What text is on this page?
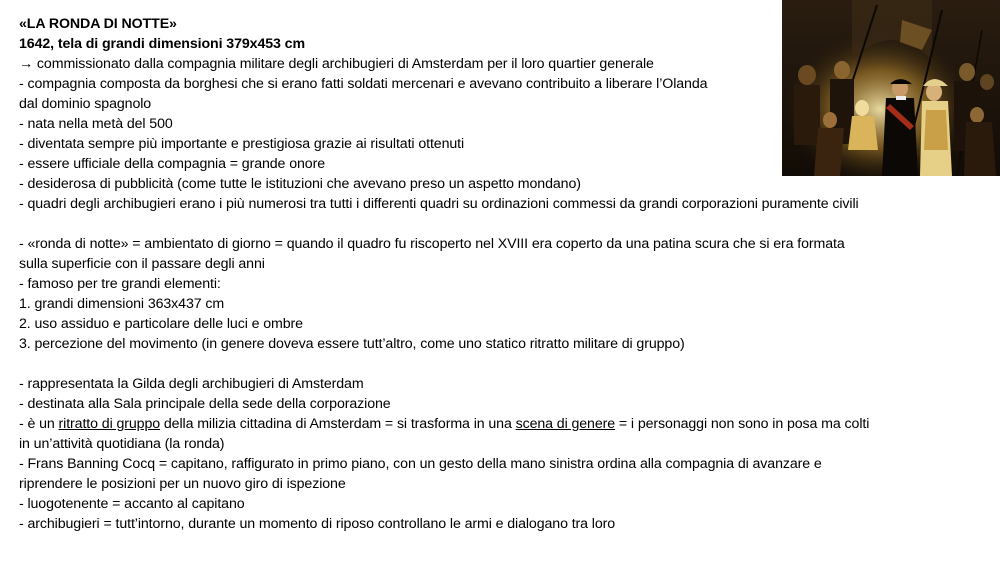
«LA RONDA DI NOTTE»
1642, tela di grandi dimensioni 379x453 cm
→ commissionato dalla compagnia militare degli archibugieri di Amsterdam per il loro quartier generale
- compagnia composta da borghesi che si erano fatti soldati mercenari e avevano contribuito a liberare l’Olanda
dal dominio spagnolo
- nata nella metà del 500
- diventata sempre più importante e prestigiosa grazie ai risultati ottenuti
- essere ufficiale della compagnia = grande onore
- desiderosa di pubblicità (come tutte le istituzioni che avevano preso un aspetto mondano)
- quadri degli archibugieri erano i più numerosi tra tutti i differenti quadri su ordinazioni commessi da grandi corporazioni puramente civili
- «ronda di notte» = ambientato di giorno = quando il quadro fu riscoperto nel XVIII era coperto da una patina scura che si era formata
sulla superficie con il passare degli anni
- famoso per tre grandi elementi:
1. grandi dimensioni 363x437 cm
2. uso assiduo e particolare delle luci e ombre
3. percezione del movimento (in genere doveva essere tutt’altro, come uno statico ritratto militare di gruppo)
- rappresentata la Gilda degli archibugieri di Amsterdam
- destinata alla Sala principale della sede della corporazione
- è un ritratto di gruppo della milizia cittadina di Amsterdam = si trasforma in una scena di genere = i personaggi non sono in posa ma colti
in un’attività quotidiana (la ronda)
- Frans Banning Cocq = capitano, raffigurato in primo piano, con un gesto della mano sinistra ordina alla compagnia di avanzare e
riprendere le posizioni per un nuovo giro di ispezione
- luogotenente = accanto al capitano
- archibugieri = tutt’intorno, durante un momento di riposo controllano le armi e dialogano tra loro
